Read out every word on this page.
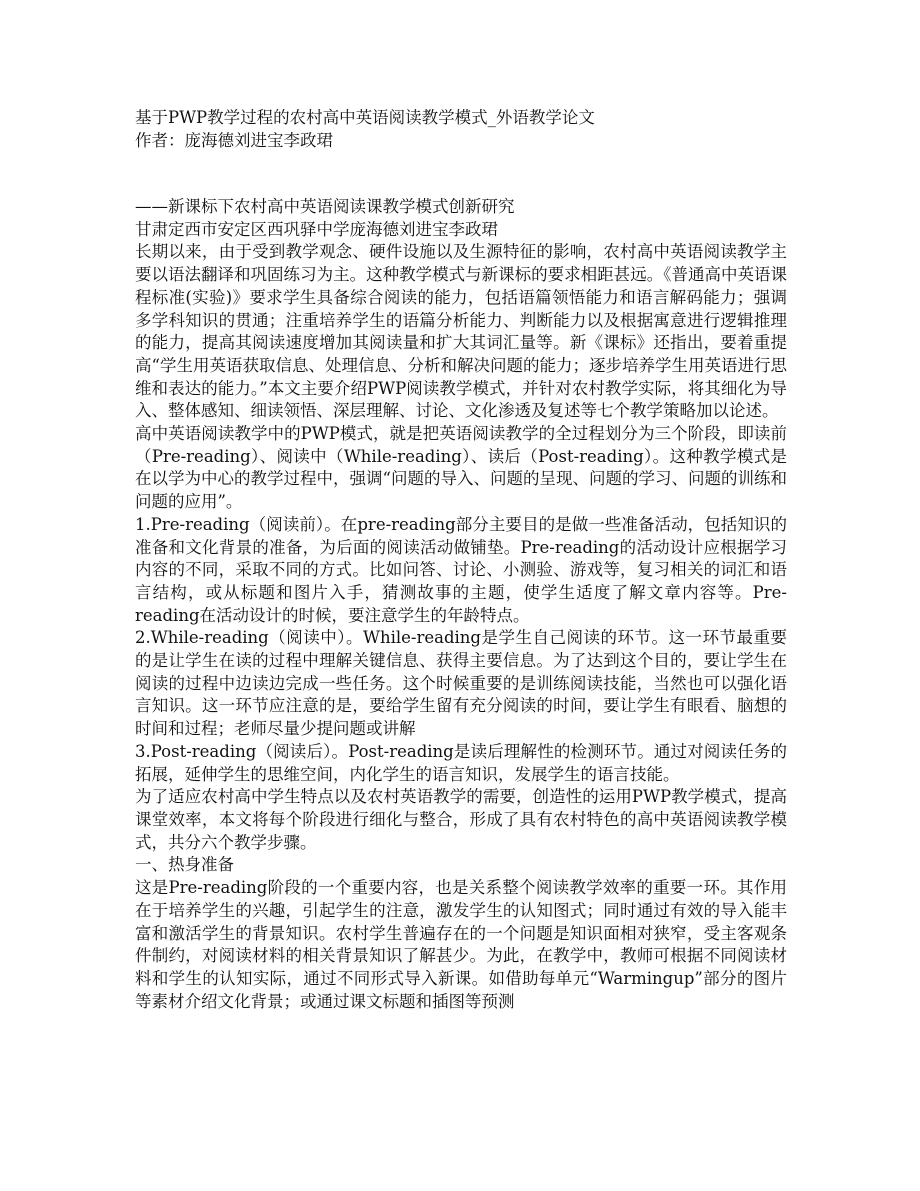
基于PWP教学过程的农村高中英语阅读教学模式_外语教学论文
作者：庞海德刘进宝李政珺

——新课标下农村高中英语阅读课教学模式创新研究

甘肃定西市安定区西巩驿中学庞海德刘进宝李政珺

长期以来，由于受到教学观念、硬件设施以及生源特征的影响，农村高中英语阅读教学主要以语法翻译和巩固练习为主。这种教学模式与新课标的要求相距甚远。《普通高中英语课程标准(实验)》要求学生具备综合阅读的能力，包括语篇领悟能力和语言解码能力；强调多学科知识的贯通；注重培养学生的语篇分析能力、判断能力以及根据寓意进行逻辑推理的能力，提高其阅读速度增加其阅读量和扩大其词汇量等。新《课标》还指出，要着重提高“学生用英语获取信息、处理信息、分析和解决问题的能力；逐步培养学生用英语进行思维和表达的能力。”本文主要介绍PWP阅读教学模式，并针对农村教学实际，将其细化为导入、整体感知、细读领悟、深层理解、讨论、文化渗透及复述等七个教学策略加以论述。

高中英语阅读教学中的PWP模式，就是把英语阅读教学的全过程划分为三个阶段，即读前（Pre-reading）、阅读中（While-reading）、读后（Post-reading）。这种教学模式是在以学为中心的教学过程中，强调“问题的导入、问题的呈现、问题的学习、问题的训练和问题的应用”。

1.Pre-reading（阅读前）。在pre-reading部分主要目的是做一些准备活动，包括知识的准备和文化背景的准备，为后面的阅读活动做铺垫。Pre-reading的活动设计应根据学习内容的不同，采取不同的方式。比如问答、讨论、小测验、游戏等，复习相关的词汇和语言结构，或从标题和图片入手，猜测故事的主题，使学生适度了解文章内容等。Pre-reading在活动设计的时候，要注意学生的年龄特点。

2.While-reading（阅读中）。While-reading是学生自己阅读的环节。这一环节最重要的是让学生在读的过程中理解关键信息、获得主要信息。为了达到这个目的，要让学生在阅读的过程中边读边完成一些任务。这个时候重要的是训练阅读技能，当然也可以强化语言知识。这一环节应注意的是，要给学生留有充分阅读的时间，要让学生有眼看、脑想的时间和过程；老师尽量少提问题或讲解

3.Post-reading（阅读后）。Post-reading是读后理解性的检测环节。通过对阅读任务的拓展，延伸学生的思维空间，内化学生的语言知识，发展学生的语言技能。

为了适应农村高中学生特点以及农村英语教学的需要，创造性的运用PWP教学模式，提高课堂效率，本文将每个阶段进行细化与整合，形成了具有农村特色的高中英语阅读教学模式，共分六个教学步骤。

一、热身准备

这是Pre-reading阶段的一个重要内容，也是关系整个阅读教学效率的重要一环。其作用在于培养学生的兴趣，引起学生的注意，激发学生的认知图式；同时通过有效的导入能丰富和激活学生的背景知识。农村学生普遍存在的一个问题是知识面相对狭窄，受主客观条件制约，对阅读材料的相关背景知识了解甚少。为此，在教学中，教师可根据不同阅读材料和学生的认知实际，通过不同形式导入新课。如借助每单元“Warmingup”部分的图片等素材介绍文化背景；或通过课文标题和插图等预测
